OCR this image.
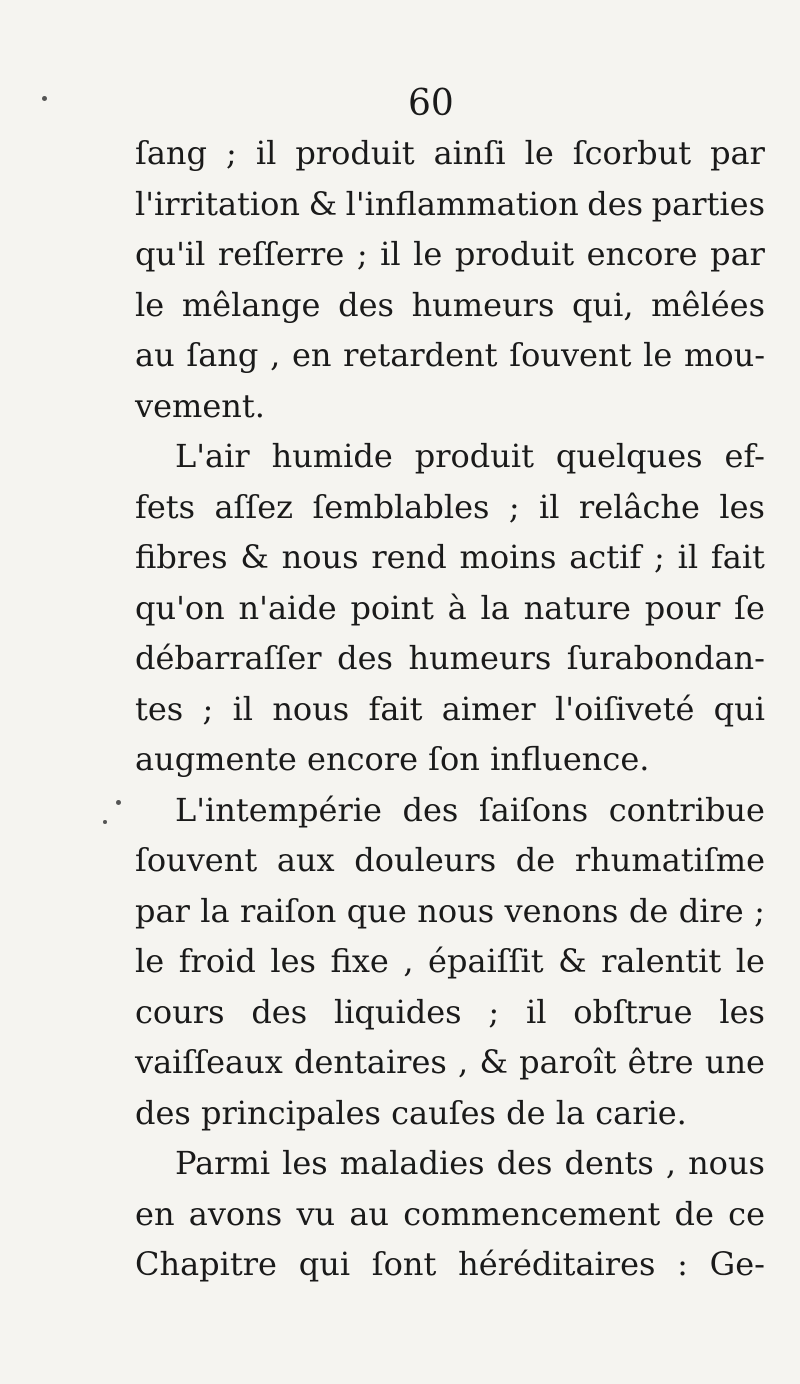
60
ſang ; il produit ainſi le ſcorbut par
l'irritation & l'inflammation des parties
qu'il reſſerre ; il le produit encore par
le mêlange des humeurs qui, mêlées
au ſang , en retardent ſouvent le mou-
vement.
L'air humide produit quelques ef-
fets aſſez ſemblables ; il relâche les
fibres & nous rend moins actif ; il fait
qu'on n'aide point à la nature pour ſe
débarraſſer des humeurs ſurabondan-
tes ; il nous fait aimer l'oiſiveté qui
augmente encore ſon influence.
L'intempérie des ſaiſons contribue
ſouvent aux douleurs de rhumatiſme
par la raiſon que nous venons de dire ;
le froid les fixe , épaiſſit & ralentit le
cours des liquides ; il obſtrue les
vaiſſeaux dentaires , & paroît être une
des principales cauſes de la carie.
Parmi les maladies des dents , nous
en avons vu au commencement de ce
Chapitre qui ſont héréditaires : Ge-
